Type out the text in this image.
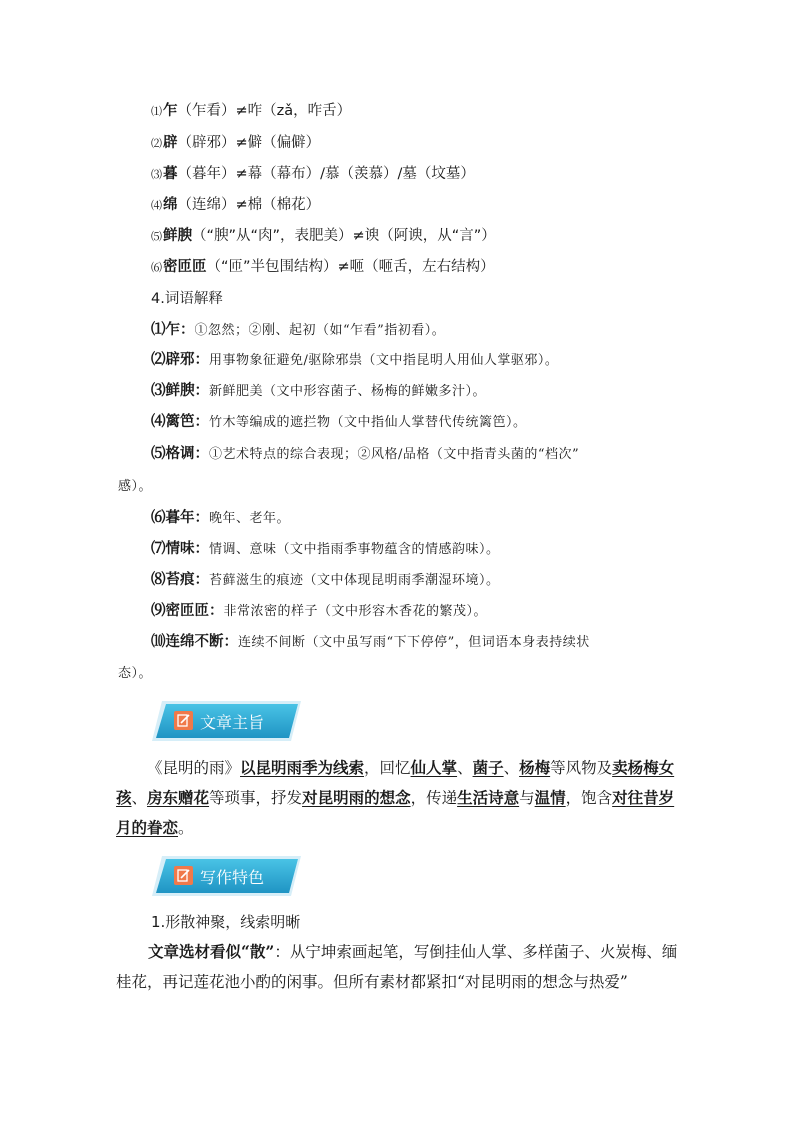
⑴乍（乍看）≠咋（zǎ，咋舌）
⑵辟（辟邪）≠僻（偏僻）
⑶暮（暮年）≠幕（幕布）/慕（羡慕）/墓（坟墓）
⑷绵（连绵）≠棉（棉花）
⑸鲜腴（“腴”从“肉”，表肥美）≠谀（阿谀，从“言”）
⑹密匝匝（“匝”半包围结构）≠咂（咂舌，左右结构）
4.词语解释
⑴乍：①忽然；②刚、起初（如“乍看”指初看）。
⑵辟邪：用事物象征避免/驱除邪祟（文中指昆明人用仙人掌驱邪）。
⑶鲜腴：新鲜肥美（文中形容菌子、杨梅的鲜嫩多汁）。
⑷篱笆：竹木等编成的遮拦物（文中指仙人掌替代传统篱笆）。
⑸格调：①艺术特点的综合表现；②风格/品格（文中指青头菌的“档次”
感）。
⑹暮年：晚年、老年。
⑺情味：情调、意味（文中指雨季事物蕴含的情感韵味）。
⑻苔痕：苔藓滋生的痕迹（文中体现昆明雨季潮湿环境）。
⑼密匝匝：非常浓密的样子（文中形容木香花的繁茂）。
⑽连绵不断：连续不间断（文中虽写雨“下下停停”，但词语本身表持续状
态）。
文章主旨
《昆明的雨》以昆明雨季为线索，回忆仙人掌、菌子、杨梅等风物及卖杨梅女孩、房东赠花等琐事，抒发对昆明雨的想念，传递生活诗意与温情，饱含对往昔岁月的眷恋。
写作特色
1.形散神聚，线索明晰
文章选材看似“散”：从宁坤索画起笔，写倒挂仙人掌、多样菌子、火炭梅、缅桂花，再记莲花池小酌的闲事。但所有素材都紧扣“对昆明雨的想念与热爱”
